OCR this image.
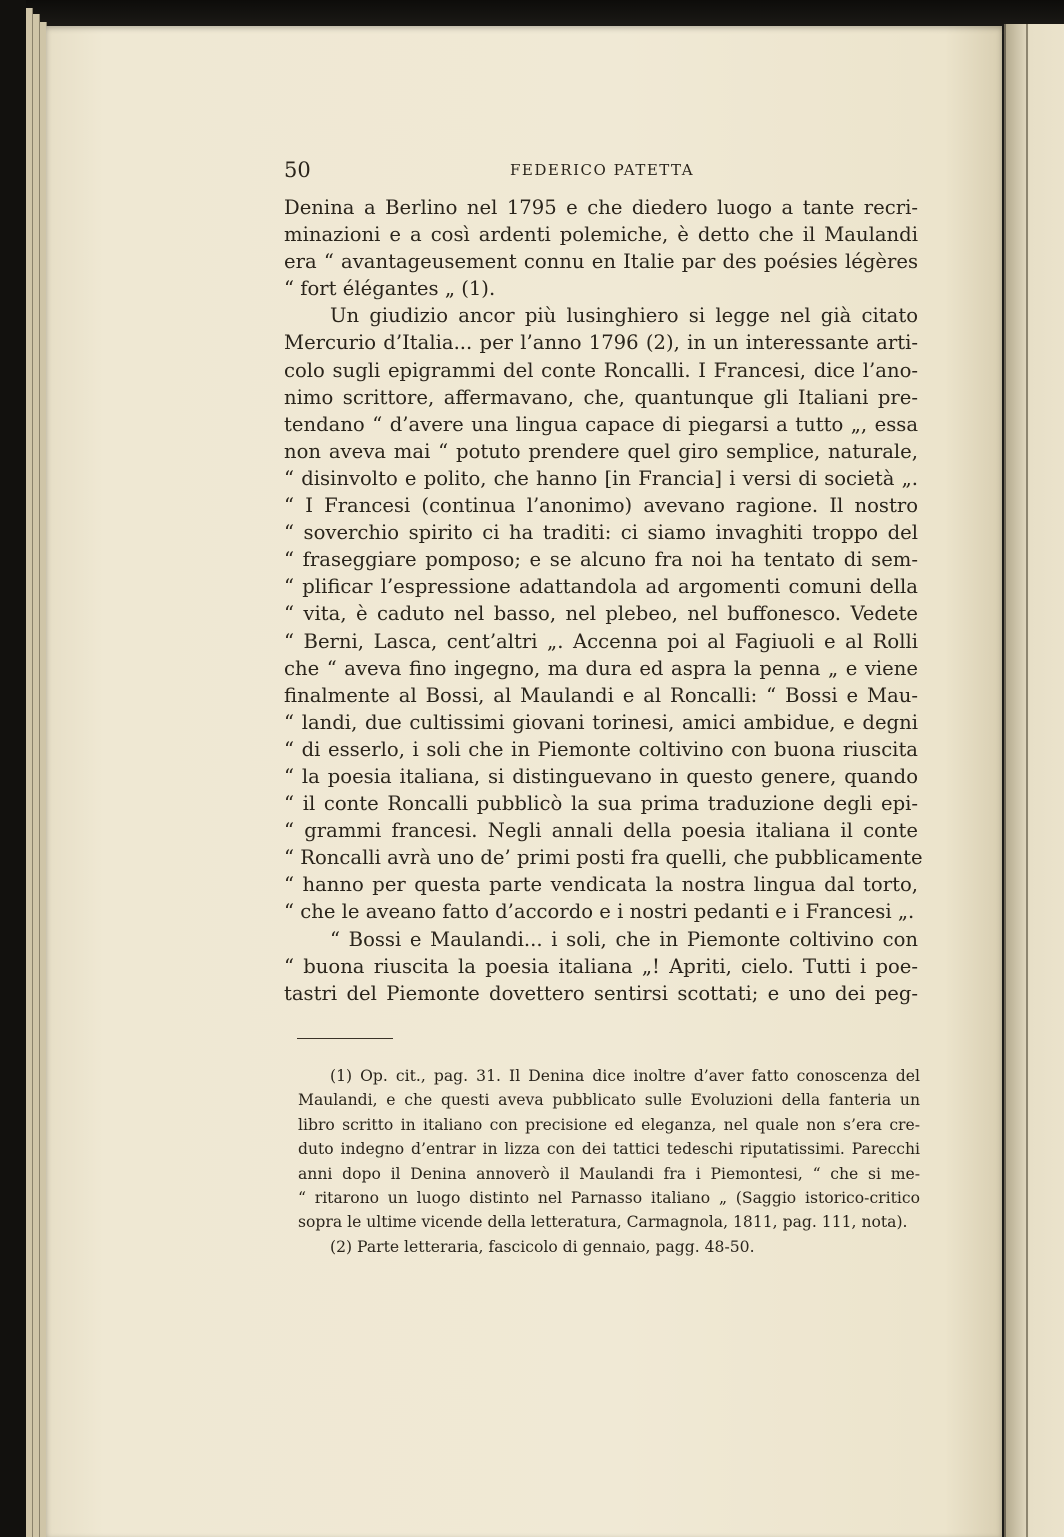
50	FEDERICO PATETTA
Denina a Berlino nel 1795 e che diedero luogo a tante recri-
minazioni e a così ardenti polemiche, è detto che il Maulandi
era “ avantageusement connu en Italie par des poésies légères
“ fort élégantes „ (1).
Un giudizio ancor più lusinghiero si legge nel già citato
Mercurio d’Italia... per l’anno 1796 (2), in un interessante arti-
colo sugli epigrammi del conte Roncalli. I Francesi, dice l’ano-
nimo scrittore, affermavano, che, quantunque gli Italiani pre-
tendano “ d’avere una lingua capace di piegarsi a tutto „, essa
non aveva mai “ potuto prendere quel giro semplice, naturale,
“ disinvolto e polito, che hanno [in Francia] i versi di società „.
“ I Francesi (continua l’anonimo) avevano ragione. Il nostro
“ soverchio spirito ci ha traditi: ci siamo invaghiti troppo del
“ fraseggiare pomposo; e se alcuno fra noi ha tentato di sem-
“ plificar l’espressione adattandola ad argomenti comuni della
“ vita, è caduto nel basso, nel plebeo, nel buffonesco. Vedete
“ Berni, Lasca, cent’altri „. Accenna poi al Fagiuoli e al Rolli
che “ aveva fino ingegno, ma dura ed aspra la penna „ e viene
finalmente al Bossi, al Maulandi e al Roncalli: “ Bossi e Mau-
“ landi, due cultissimi giovani torinesi, amici ambidue, e degni
“ di esserlo, i soli che in Piemonte coltivino con buona riuscita
“ la poesia italiana, si distinguevano in questo genere, quando
“ il conte Roncalli pubblicò la sua prima traduzione degli epi-
“ grammi francesi. Negli annali della poesia italiana il conte
“ Roncalli avrà uno de’ primi posti fra quelli, che pubblicamente
“ hanno per questa parte vendicata la nostra lingua dal torto,
“ che le aveano fatto d’accordo e i nostri pedanti e i Francesi „.
“ Bossi e Maulandi... i soli, che in Piemonte coltivino con
“ buona riuscita la poesia italiana „! Apriti, cielo. Tutti i poe-
tastri del Piemonte dovettero sentirsi scottati; e uno dei peg-
(1) Op. cit., pag. 31. Il Denina dice inoltre d’aver fatto conoscenza del
Maulandi, e che questi aveva pubblicato sulle Evoluzioni della fanteria un
libro scritto in italiano con precisione ed eleganza, nel quale non s’era cre-
duto indegno d’entrar in lizza con dei tattici tedeschi riputatissimi. Parecchi
anni dopo il Denina annoverò il Maulandi fra i Piemontesi, “ che si me-
“ ritarono un luogo distinto nel Parnasso italiano „ (Saggio istorico-critico
sopra le ultime vicende della letteratura, Carmagnola, 1811, pag. 111, nota).
(2) Parte letteraria, fascicolo di gennaio, pagg. 48-50.
